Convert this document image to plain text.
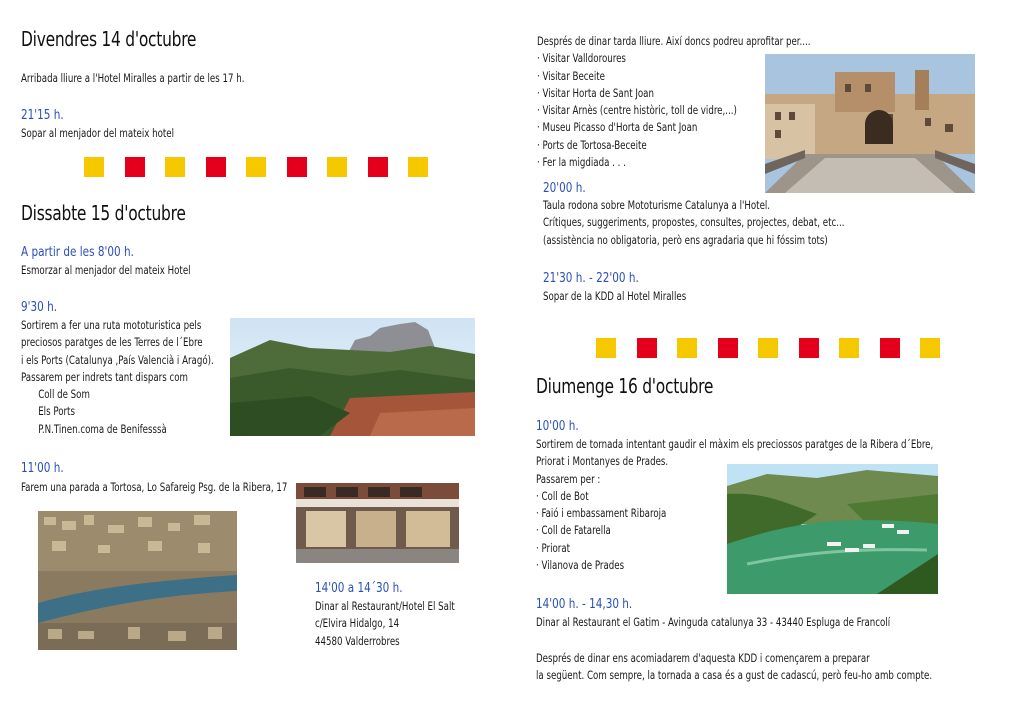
Divendres 14 d'octubre
Arribada lliure a l'Hotel Miralles a partir de les 17 h.
21'15 h.
Sopar al menjador del mateix hotel
Dissabte 15 d'octubre
A partir de les 8'00 h.
Esmorzar al menjador del mateix Hotel
9'30 h.
Sortirem a fer una ruta mototuristica pels
preciosos paratges de les Terres de l´Ebre
i els Ports (Catalunya ,País Valencià i Aragó).
Passarem per indrets tant dispars com
Coll de Som
Els Ports
P.N.Tinen.coma de Benifesssà
11'00 h.
Farem una parada a Tortosa, Lo Safareig Psg. de la Ribera, 17
14'00 a 14´30 h.
Dinar al Restaurant/Hotel El Salt
c/Elvira Hidalgo, 14
44580 Valderrobres
Després de dinar tarda lliure. Així doncs podreu aprofitar per....
· Visitar Valldoroures
· Visitar Beceite
· Visitar Horta de Sant Joan
· Visitar Arnès (centre històric, toll de vidre,...)
· Museu Picasso d'Horta de Sant Joan
· Ports de Tortosa-Beceite
· Fer la migdiada . . .
20'00 h.
Taula rodona sobre Mototurisme Catalunya a l'Hotel.
Crítiques, suggeriments, propostes, consultes, projectes, debat, etc...
(assistència no obligatoria, però ens agradaria que hi fóssim tots)
21'30 h. - 22'00 h.
Sopar de la KDD al Hotel Miralles
Diumenge 16 d'octubre
10'00 h.
Sortirem de tornada intentant gaudir el màxim els preciossos paratges de la Ribera d´Ebre,
Priorat i Montanyes de Prades.
Passarem per :
· Coll de Bot
· Faió i embassament Ribaroja
· Coll de Fatarella
· Priorat
· Vilanova de Prades
14'00 h. - 14,30 h.
Dinar al Restaurant el Gatim - Avinguda catalunya 33 - 43440 Espluga de Francolí
Després de dinar ens acomiadarem d'aquesta KDD i començarem a preparar
la següent. Com sempre, la tornada a casa és a gust de cadascú, però feu-ho amb compte.
